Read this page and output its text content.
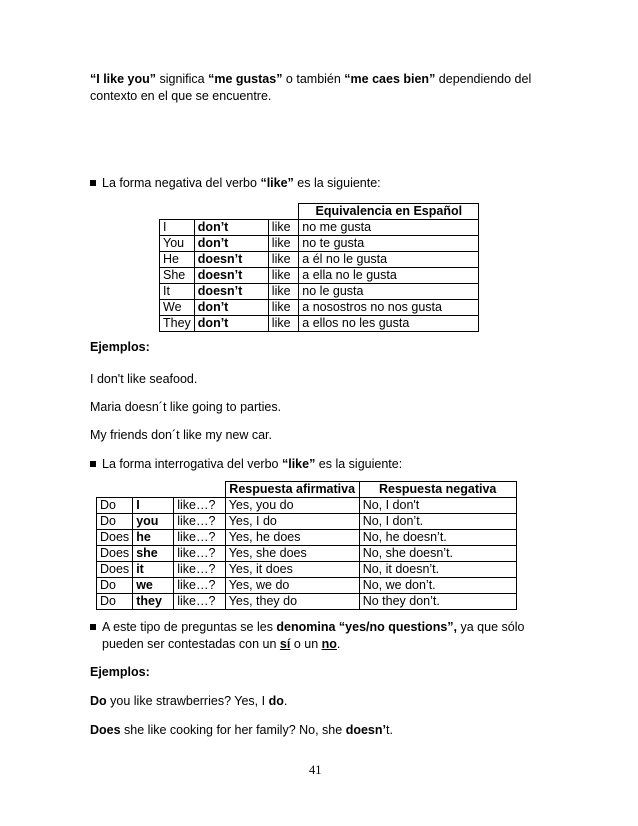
“I like you” significa “me gustas” o también “me caes bien” dependiendo del contexto en el que se encuentre.
La forma negativa del verbo “like” es la siguiente:
			Equivalencia en Español
I	don’t	like	no me gusta
You	don’t	like	no te gusta
He	doesn’t	like	a él no le gusta
She	doesn’t	like	a ella no le gusta
It	doesn’t	like	no le gusta
We	don’t	like	a nosostros no nos gusta
They	don’t	like	a ellos no les gusta
Ejemplos:
I don't like seafood.
Maria doesn´t like going to parties.
My friends don´t like my new car.
La forma interrogativa del verbo “like” es la siguiente:
			Respuesta afirmativa	Respuesta negativa
Do	I	like…?	Yes, you do	No, I don't
Do	you	like…?	Yes, I do	No, I don’t.
Does	he	like…?	Yes, he does	No, he doesn’t.
Does	she	like…?	Yes, she does	No, she doesn’t.
Does	it	like…?	Yes, it does	No, it doesn’t.
Do	we	like…?	Yes, we do	No, we don’t.
Do	they	like…?	Yes, they do	No they don’t.
A este tipo de preguntas se les denomina “yes/no questions”, ya que sólo
pueden ser contestadas con un sí o un no.
Ejemplos:
Do you like strawberries? Yes, I do.
Does she like cooking for her family? No, she doesn’t.
41
